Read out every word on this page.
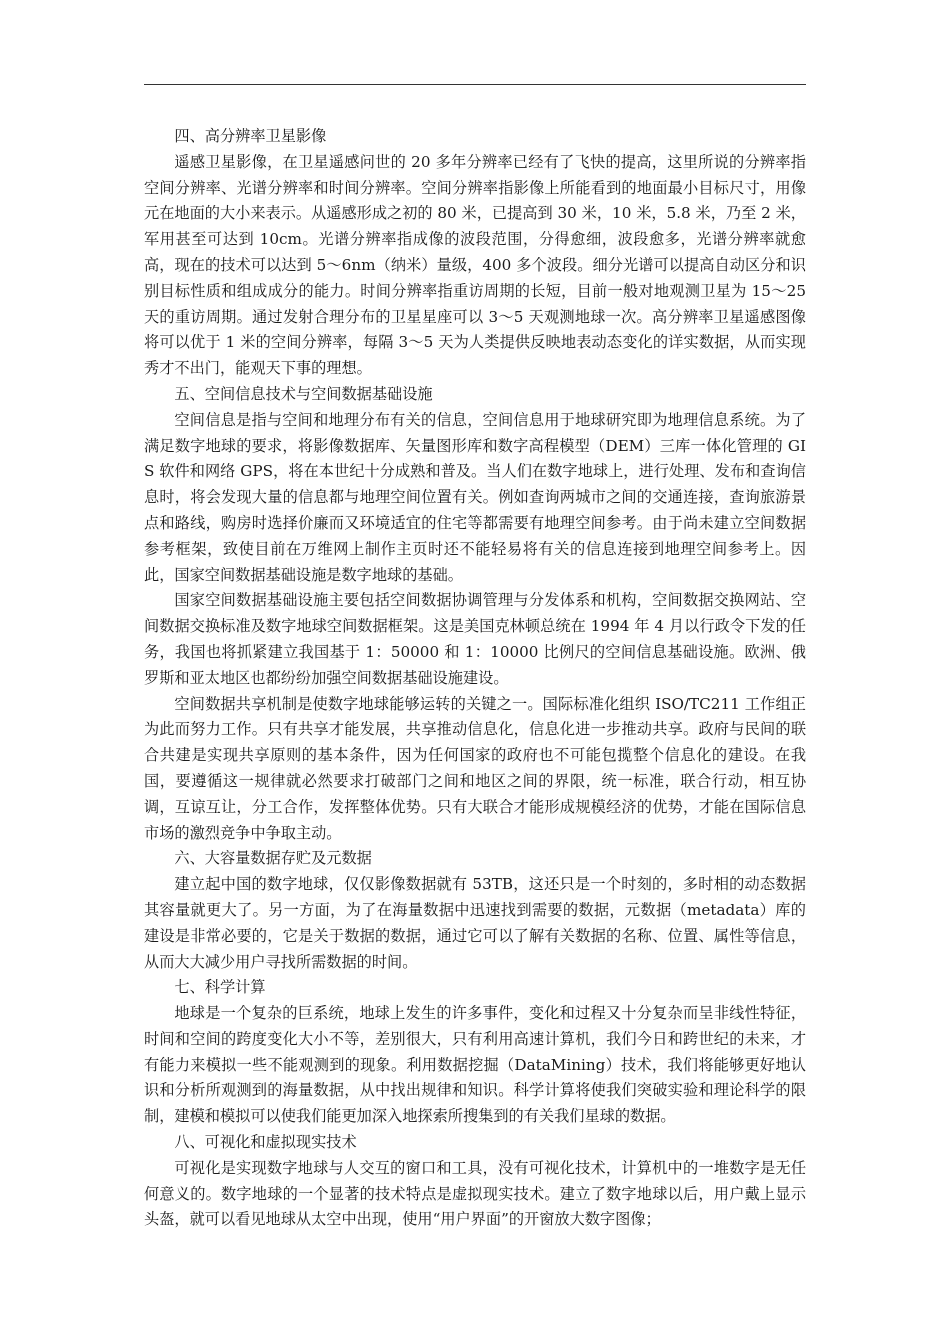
四、高分辨率卫星影像

遥感卫星影像，在卫星遥感问世的 20 多年分辨率已经有了飞快的提高，这里所说的分辨率指空间分辨率、光谱分辨率和时间分辨率。空间分辨率指影像上所能看到的地面最小目标尺寸，用像元在地面的大小来表示。从遥感形成之初的 80 米，已提高到 30 米，10 米，5.8 米，乃至 2 米，军用甚至可达到 10cm。光谱分辨率指成像的波段范围，分得愈细，波段愈多，光谱分辨率就愈高，现在的技术可以达到 5～6nm（纳米）量级，400 多个波段。细分光谱可以提高自动区分和识别目标性质和组成成分的能力。时间分辨率指重访周期的长短，目前一般对地观测卫星为 15～25 天的重访周期。通过发射合理分布的卫星星座可以 3～5 天观测地球一次。高分辨率卫星遥感图像将可以优于 1 米的空间分辨率，每隔 3～5 天为人类提供反映地表动态变化的详实数据，从而实现秀才不出门，能观天下事的理想。

五、空间信息技术与空间数据基础设施

空间信息是指与空间和地理分布有关的信息，空间信息用于地球研究即为地理信息系统。为了满足数字地球的要求，将影像数据库、矢量图形库和数字高程模型（DEM）三库一体化管理的 GIS 软件和网络 GPS，将在本世纪十分成熟和普及。当人们在数字地球上，进行处理、发布和查询信息时，将会发现大量的信息都与地理空间位置有关。例如查询两城市之间的交通连接，查询旅游景点和路线，购房时选择价廉而又环境适宜的住宅等都需要有地理空间参考。由于尚未建立空间数据参考框架，致使目前在万维网上制作主页时还不能轻易将有关的信息连接到地理空间参考上。因此，国家空间数据基础设施是数字地球的基础。

国家空间数据基础设施主要包括空间数据协调管理与分发体系和机构，空间数据交换网站、空间数据交换标准及数字地球空间数据框架。这是美国克林顿总统在 1994 年 4 月以行政令下发的任务，我国也将抓紧建立我国基于 1：50000 和 1：10000 比例尺的空间信息基础设施。欧洲、俄罗斯和亚太地区也都纷纷加强空间数据基础设施建设。

空间数据共享机制是使数字地球能够运转的关键之一。国际标准化组织 ISO/TC211 工作组正为此而努力工作。只有共享才能发展，共享推动信息化，信息化进一步推动共享。政府与民间的联合共建是实现共享原则的基本条件，因为任何国家的政府也不可能包揽整个信息化的建设。在我国，要遵循这一规律就必然要求打破部门之间和地区之间的界限，统一标准，联合行动，相互协调，互谅互让，分工合作，发挥整体优势。只有大联合才能形成规模经济的优势，才能在国际信息市场的激烈竞争中争取主动。

六、大容量数据存贮及元数据

建立起中国的数字地球，仅仅影像数据就有 53TB，这还只是一个时刻的，多时相的动态数据其容量就更大了。另一方面，为了在海量数据中迅速找到需要的数据，元数据（metadata）库的建设是非常必要的，它是关于数据的数据，通过它可以了解有关数据的名称、位置、属性等信息，从而大大减少用户寻找所需数据的时间。

七、科学计算

地球是一个复杂的巨系统，地球上发生的许多事件，变化和过程又十分复杂而呈非线性特征，时间和空间的跨度变化大小不等，差别很大，只有利用高速计算机，我们今日和跨世纪的未来，才有能力来模拟一些不能观测到的现象。利用数据挖掘（DataMining）技术，我们将能够更好地认识和分析所观测到的海量数据，从中找出规律和知识。科学计算将使我们突破实验和理论科学的限制，建模和模拟可以使我们能更加深入地探索所搜集到的有关我们星球的数据。

八、可视化和虚拟现实技术

可视化是实现数字地球与人交互的窗口和工具，没有可视化技术，计算机中的一堆数字是无任何意义的。数字地球的一个显著的技术特点是虚拟现实技术。建立了数字地球以后，用户戴上显示头盔，就可以看见地球从太空中出现，使用“用户界面”的开窗放大数字图像；
